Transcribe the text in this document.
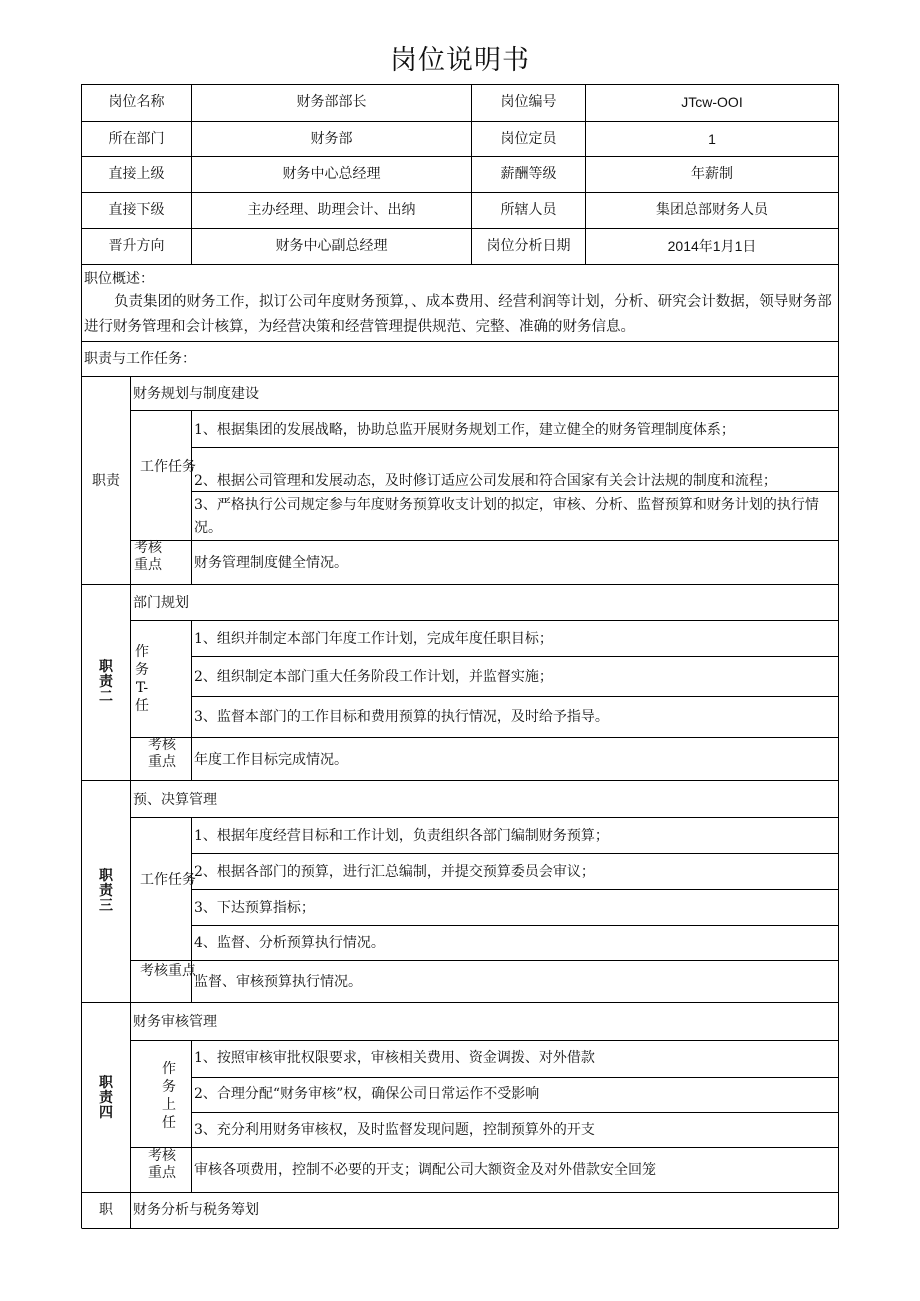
岗位说明书
岗位名称	财务部部长	岗位编号	JTcw-OOI
所在部门	财务部	岗位定员	1
直接上级	财务中心总经理	薪酬等级	年薪制
直接下级	主办经理、助理会计、出纳	所辖人员	集团总部财务人员
晋升方向	财务中心副总经理	岗位分析日期	2014年1月1日
职位概述：
负责集团的财务工作，拟订公司年度财务预算，、成本费用、经营利润等计划，分析、研究会计数据，领导财务部进行财务管理和会计核算，为经营决策和经营管理提供规范、完整、准确的财务信息。
职责与工作任务：
职责
财务规划与制度建设
工作任务
1、根据集团的发展战略，协助总监开展财务规划工作，建立健全的财务管理制度体系；
2、根据公司管理和发展动态，及时修订适应公司发展和符合国家有关会计法规的制度和流程；
3、严格执行公司规定参与年度财务预算收支计划的拟定，审核、分析、监督预算和财务计划的执行情况。
考核重点 财务管理制度健全情况。
职责二
部门规划
作务T-任
1、组织并制定本部门年度工作计划，完成年度任职目标；
2、组织制定本部门重大任务阶段工作计划，并监督实施；
3、监督本部门的工作目标和费用预算的执行情况，及时给予指导。
考核重点 年度工作目标完成情况。
职责三
预、决算管理
工作任务
1、根据年度经营目标和工作计划，负责组织各部门编制财务预算；
2、根据各部门的预算，进行汇总编制，并提交预算委员会审议；
3、下达预算指标；
4、监督、分析预算执行情况。
考核重点
监督、审核预算执行情况。
职责四
财务审核管理
作务上任
1、按照审核审批权限要求，审核相关费用、资金调拨、对外借款
2、合理分配“财务审核”权，确保公司日常运作不受影响
3、充分利用财务审核权，及时监督发现问题，控制预算外的开支
考核重点 审核各项费用，控制不必要的开支；调配公司大额资金及对外借款安全回笼
职	财务分析与税务筹划
